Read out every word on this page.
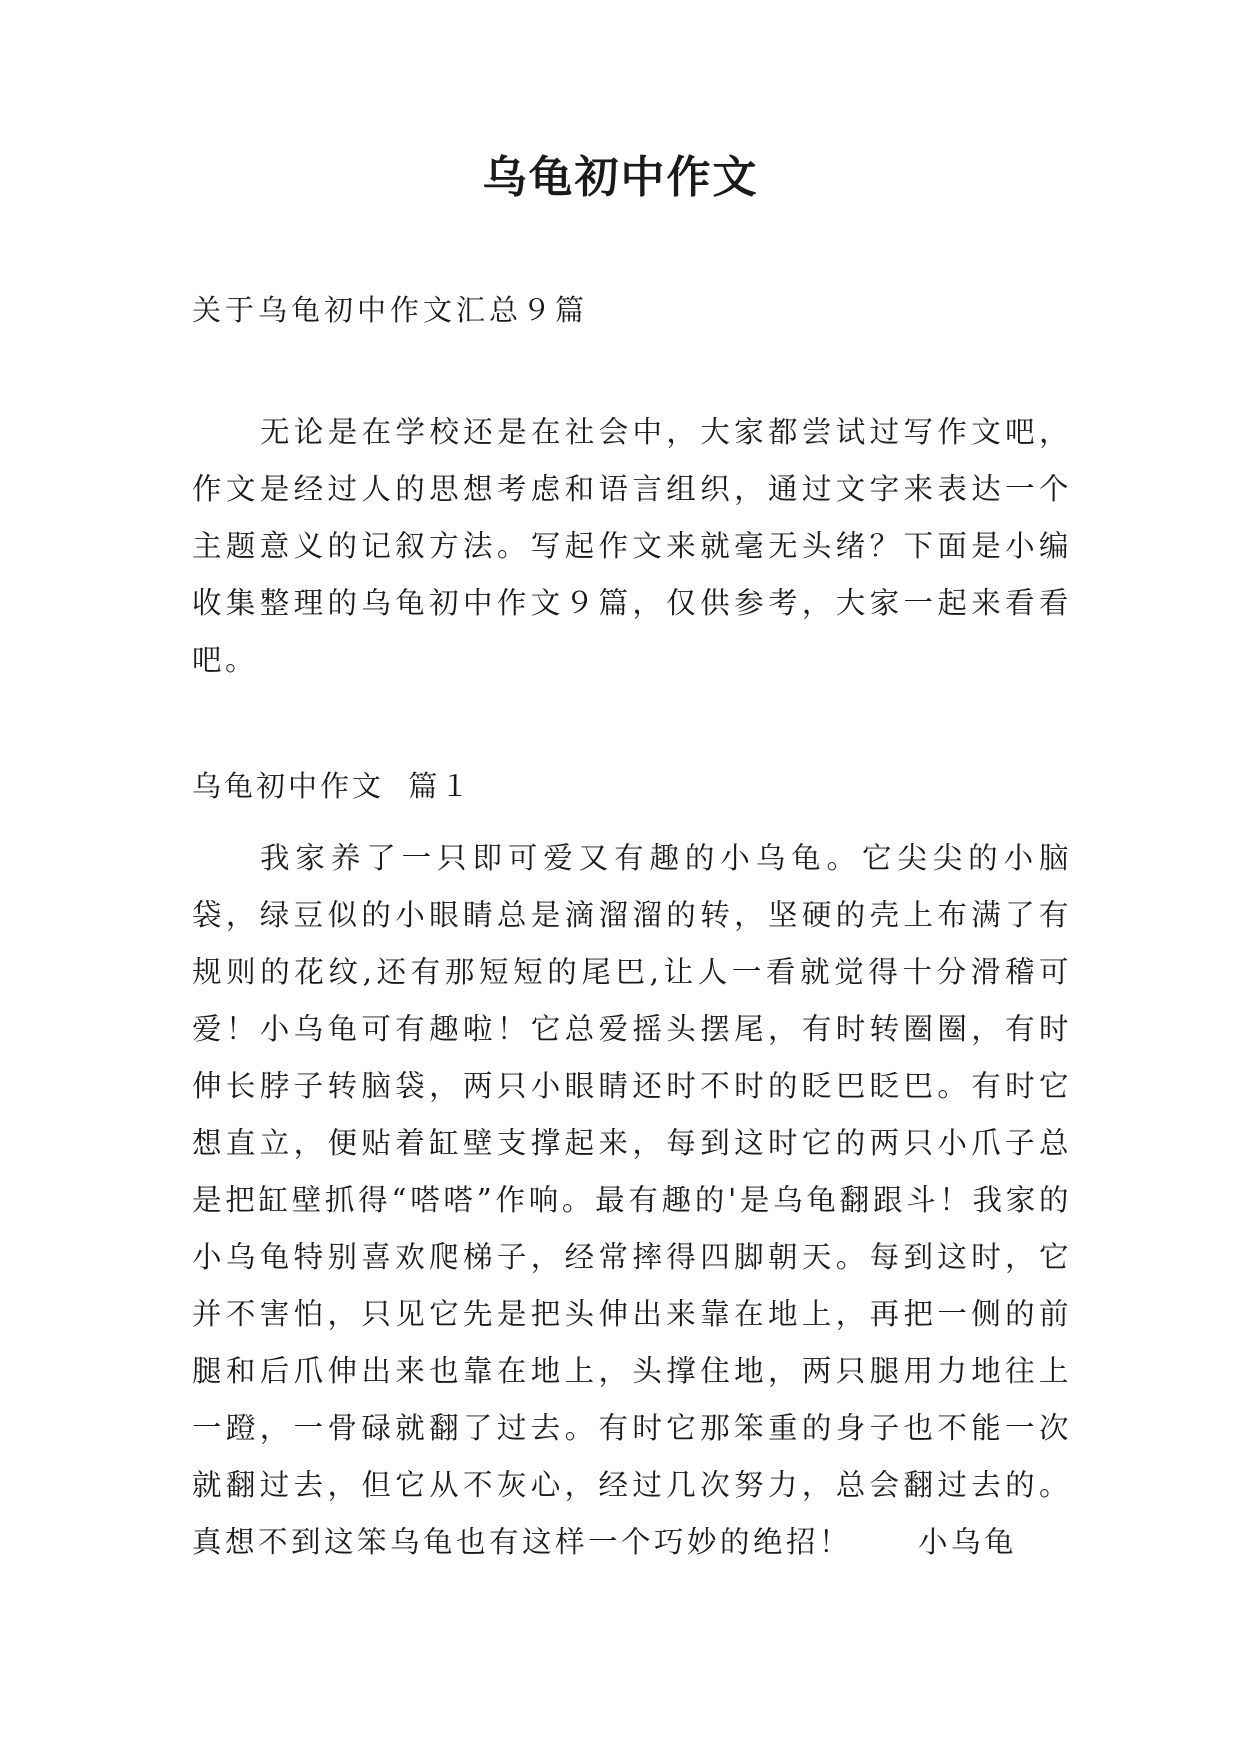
乌龟初中作文

关于乌龟初中作文汇总９篇

无论是在学校还是在社会中，大家都尝试过写作文吧，作文是经过人的思想考虑和语言组织，通过文字来表达一个主题意义的记叙方法。写起作文来就毫无头绪？下面是小编收集整理的乌龟初中作文９篇，仅供参考，大家一起来看看吧。

乌龟初中作文  篇１

我家养了一只即可爱又有趣的小乌龟。它尖尖的小脑袋，绿豆似的小眼睛总是滴溜溜的转，坚硬的壳上布满了有规则的花纹,还有那短短的尾巴,让人一看就觉得十分滑稽可爱！小乌龟可有趣啦！它总爱摇头摆尾，有时转圈圈，有时伸长脖子转脑袋，两只小眼睛还时不时的眨巴眨巴。有时它想直立，便贴着缸壁支撑起来，每到这时它的两只小爪子总是把缸壁抓得“嗒嗒”作响。最有趣的'是乌龟翻跟斗！我家的小乌龟特别喜欢爬梯子，经常摔得四脚朝天。每到这时，它并不害怕，只见它先是把头伸出来靠在地上，再把一侧的前腿和后爪伸出来也靠在地上，头撑住地，两只腿用力地往上一蹬，一骨碌就翻了过去。有时它那笨重的身子也不能一次就翻过去，但它从不灰心，经过几次努力，总会翻过去的。真想不到这笨乌龟也有这样一个巧妙的绝招！　　小乌龟
